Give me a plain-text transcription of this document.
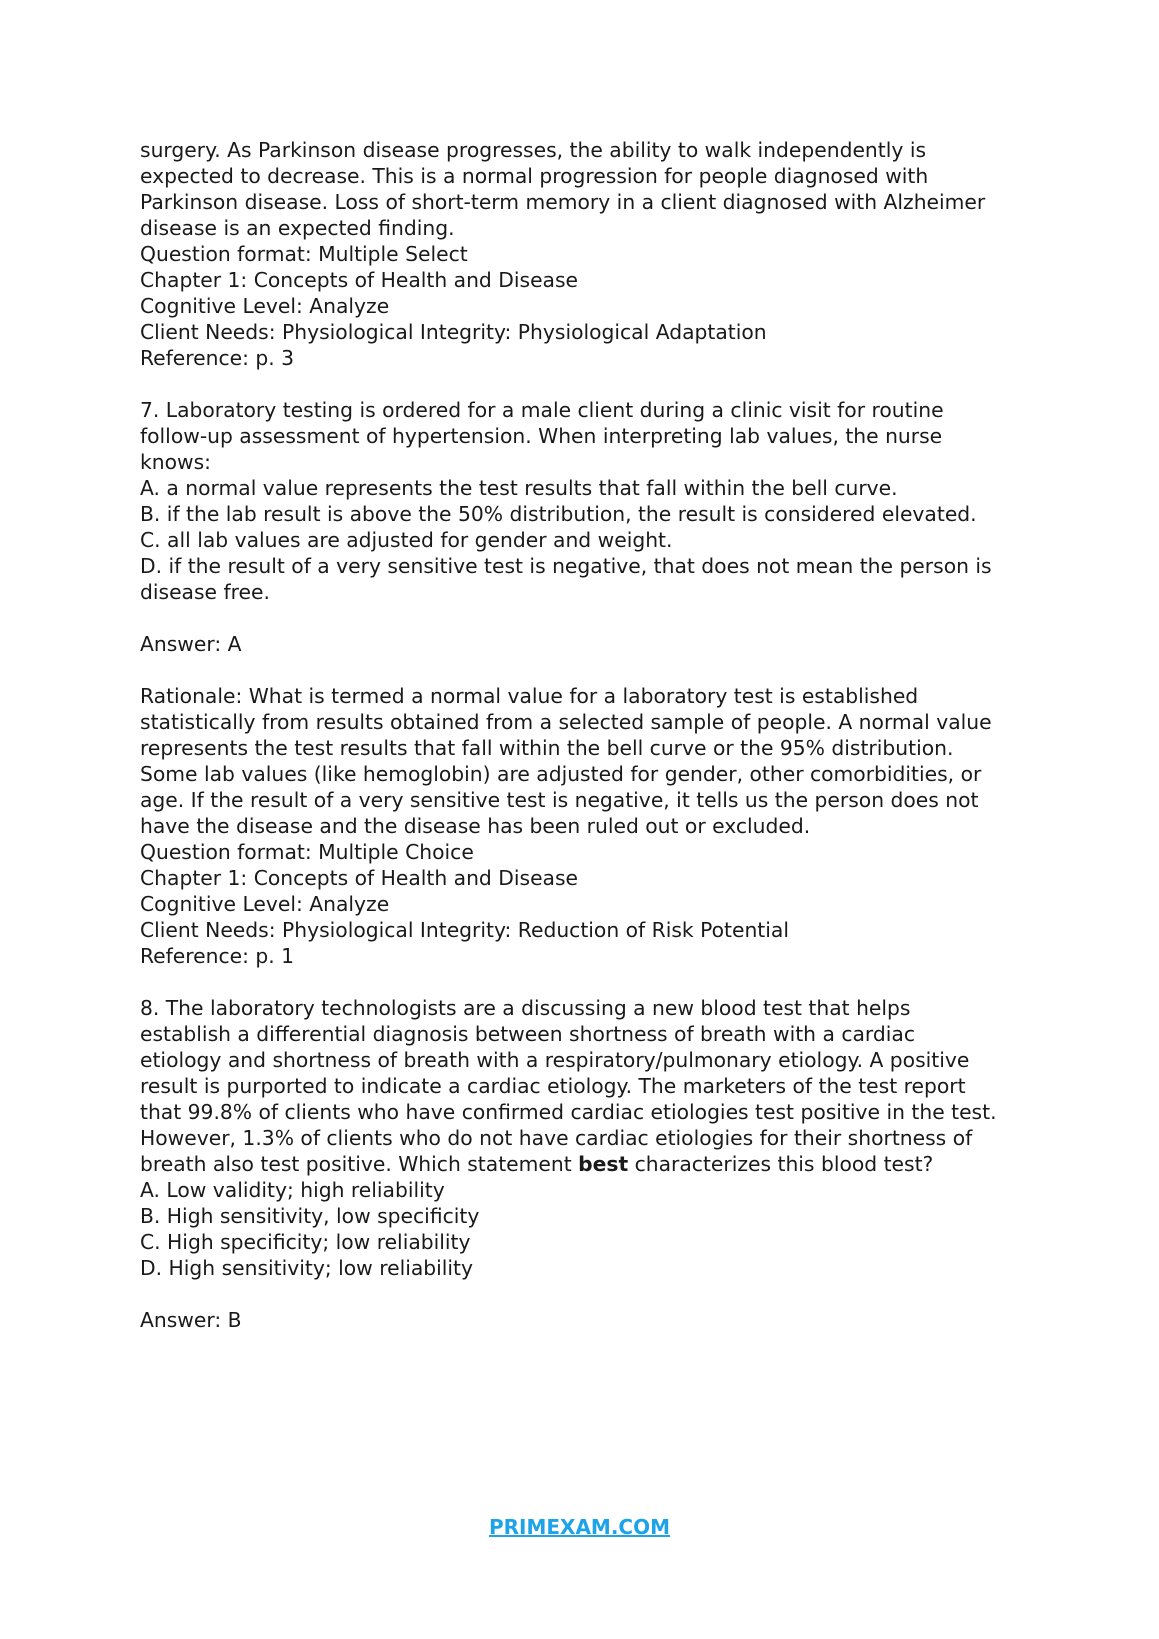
surgery. As Parkinson disease progresses, the ability to walk independently is

expected to decrease. This is a normal progression for people diagnosed with

Parkinson disease. Loss of short-term memory in a client diagnosed with Alzheimer

disease is an expected finding.

Question format: Multiple Select

Chapter 1: Concepts of Health and Disease

Cognitive Level: Analyze

Client Needs: Physiological Integrity: Physiological Adaptation

Reference: p. 3

7. Laboratory testing is ordered for a male client during a clinic visit for routine

follow-up assessment of hypertension. When interpreting lab values, the nurse

knows:

A. a normal value represents the test results that fall within the bell curve.

B. if the lab result is above the 50% distribution, the result is considered elevated.

C. all lab values are adjusted for gender and weight.

D. if the result of a very sensitive test is negative, that does not mean the person is

disease free.

Answer: A

Rationale: What is termed a normal value for a laboratory test is established

statistically from results obtained from a selected sample of people. A normal value

represents the test results that fall within the bell curve or the 95% distribution.

Some lab values (like hemoglobin) are adjusted for gender, other comorbidities, or

age. If the result of a very sensitive test is negative, it tells us the person does not

have the disease and the disease has been ruled out or excluded.

Question format: Multiple Choice

Chapter 1: Concepts of Health and Disease

Cognitive Level: Analyze

Client Needs: Physiological Integrity: Reduction of Risk Potential

Reference: p. 1

8. The laboratory technologists are a discussing a new blood test that helps

establish a differential diagnosis between shortness of breath with a cardiac

etiology and shortness of breath with a respiratory/pulmonary etiology. A positive

result is purported to indicate a cardiac etiology. The marketers of the test report

that 99.8% of clients who have confirmed cardiac etiologies test positive in the test.

However, 1.3% of clients who do not have cardiac etiologies for their shortness of

breath also test positive. Which statement best characterizes this blood test?

A. Low validity; high reliability

B. High sensitivity, low specificity

C. High specificity; low reliability

D. High sensitivity; low reliability

Answer: B

PRIMEXAM.COM
